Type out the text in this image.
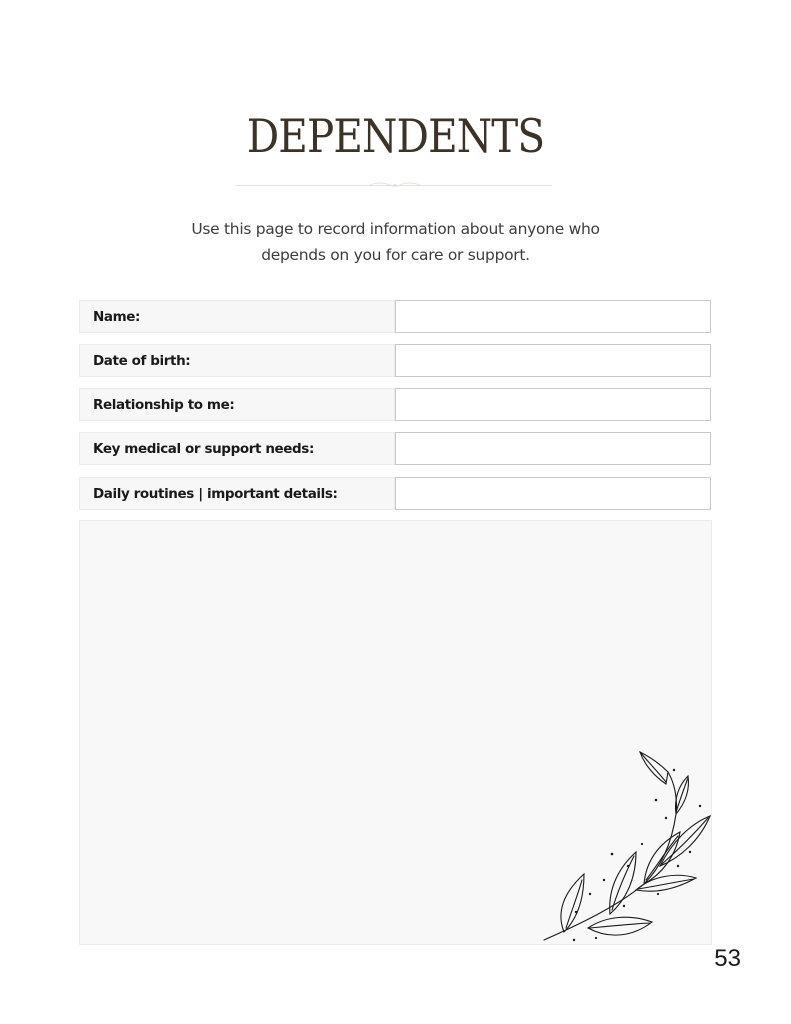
DEPENDENTS
Use this page to record information about anyone who
depends on you for care or support.
Name:
Date of birth:
Relationship to me:
Key medical or support needs:
Daily routines | important details:
53
